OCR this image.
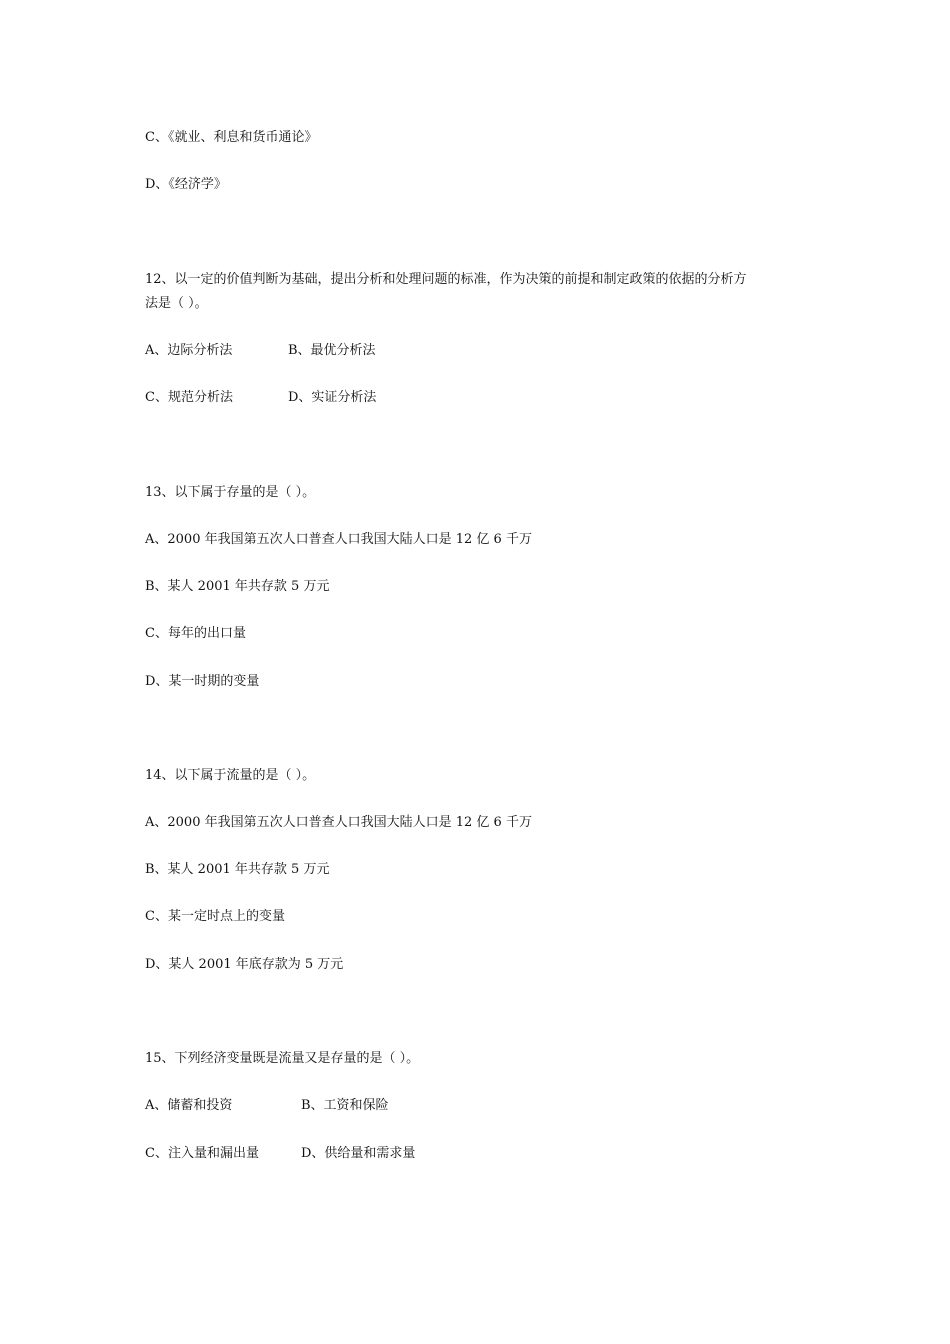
C、《就业、利息和货币通论》
D、《经济学》
12、以一定的价值判断为基础，提出分析和处理问题的标准，作为决策的前提和制定政策的依据的分析方
法是（ ）。
A、边际分析法	B、最优分析法
C、规范分析法	D、实证分析法
13、以下属于存量的是（ ）。
A、2000 年我国第五次人口普查人口我国大陆人口是 12 亿 6 千万
B、某人 2001 年共存款 5 万元
C、每年的出口量
D、某一时期的变量
14、以下属于流量的是（ ）。
A、2000 年我国第五次人口普查人口我国大陆人口是 12 亿 6 千万
B、某人 2001 年共存款 5 万元
C、某一定时点上的变量
D、某人 2001 年底存款为 5 万元
15、下列经济变量既是流量又是存量的是（ ）。
A、储蓄和投资	B、工资和保险
C、注入量和漏出量	D、供给量和需求量
